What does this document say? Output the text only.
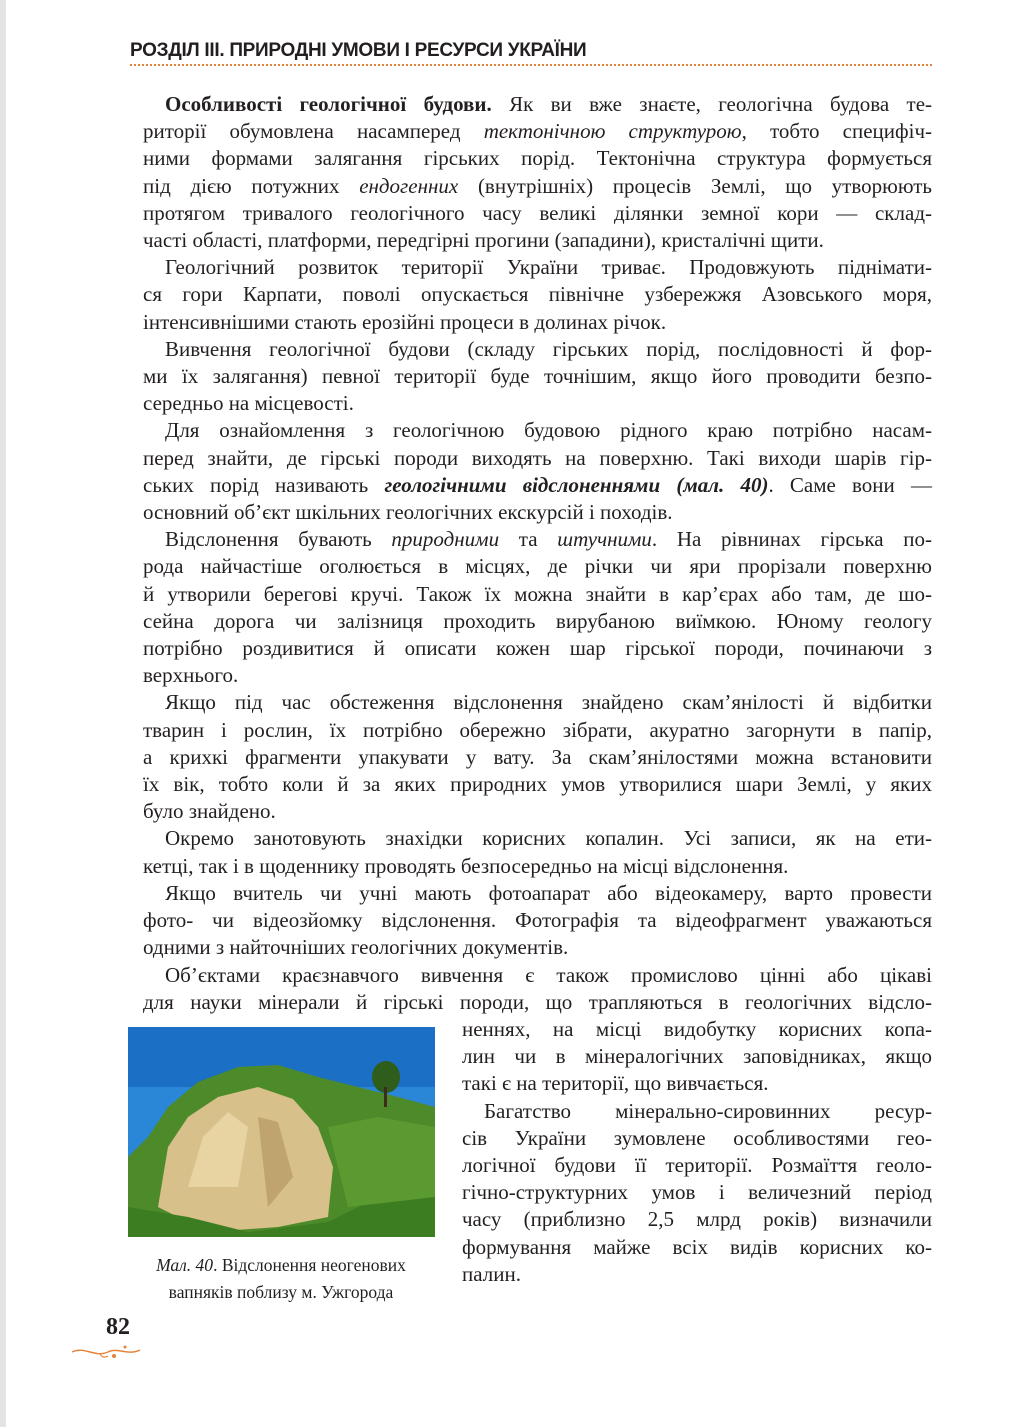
РОЗДІЛ ІІІ. ПРИРОДНІ УМОВИ І РЕСУРСИ УКРАЇНИ
Особливості геологічної будови. Як ви вже знаєте, геологічна будова те-
риторії обумовлена насамперед тектонічною структурою, тобто специфіч-
ними формами залягання гірських порід. Тектонічна структура формується
під дією потужних ендогенних (внутрішніх) процесів Землі, що утворюють
протягом тривалого геологічного часу великі ділянки земної кори — склад-
часті області, платформи, передгірні прогини (западини), кристалічні щити.
Геологічний розвиток території України триває. Продовжують піднімати-
ся гори Карпати, поволі опускається північне узбережжя Азовського моря,
інтенсивнішими стають ерозійні процеси в долинах річок.
Вивчення геологічної будови (складу гірських порід, послідовності й фор-
ми їх залягання) певної території буде точнішим, якщо його проводити безпо-
середньо на місцевості.
Для ознайомлення з геологічною будовою рідного краю потрібно насам-
перед знайти, де гірські породи виходять на поверхню. Такі виходи шарів гір-
ських порід називають геологічними відслоненнями (мал. 40). Саме вони —
основний об’єкт шкільних геологічних екскурсій і походів.
Відслонення бувають природними та штучними. На рівнинах гірська по-
рода найчастіше оголюється в місцях, де річки чи яри прорізали поверхню
й утворили берегові кручі. Також їх можна знайти в кар’єрах або там, де шо-
сейна дорога чи залізниця проходить вирубаною виїмкою. Юному геологу
потрібно роздивитися й описати кожен шар гірської породи, починаючи з
верхнього.
Якщо під час обстеження відслонення знайдено скам’янілості й відбитки
тварин і рослин, їх потрібно обережно зібрати, акуратно загорнути в папір,
а крихкі фрагменти упакувати у вату. За скам’янілостями можна встановити
їх вік, тобто коли й за яких природних умов утворилися шари Землі, у яких
було знайдено.
Окремо занотовують знахідки корисних копалин. Усі записи, як на ети-
кетці, так і в щоденнику проводять безпосередньо на місці відслонення.
Якщо вчитель чи учні мають фотоапарат або відеокамеру, варто провести
фото- чи відеозйомку відслонення. Фотографія та відеофрагмент уважаються
одними з найточніших геологічних документів.
Об’єктами краєзнавчого вивчення є також промислово цінні або цікаві
для науки мінерали й гірські породи, що трапляються в геологічних відсло-
неннях, на місці видобутку корисних копа-
лин чи в мінералогічних заповідниках, якщо
такі є на території, що вивчається.
Багатство мінерально-сировинних ресур-
сів України зумовлене особливостями гео-
логічної будови її території. Розмаїття геоло-
гічно-структурних умов і величезний період
часу (приблизно 2,5 млрд років) визначили
формування майже всіх видів корисних ко-
палин.
Мал. 40. Відслонення неогенових
вапняків поблизу м. Ужгорода
82
